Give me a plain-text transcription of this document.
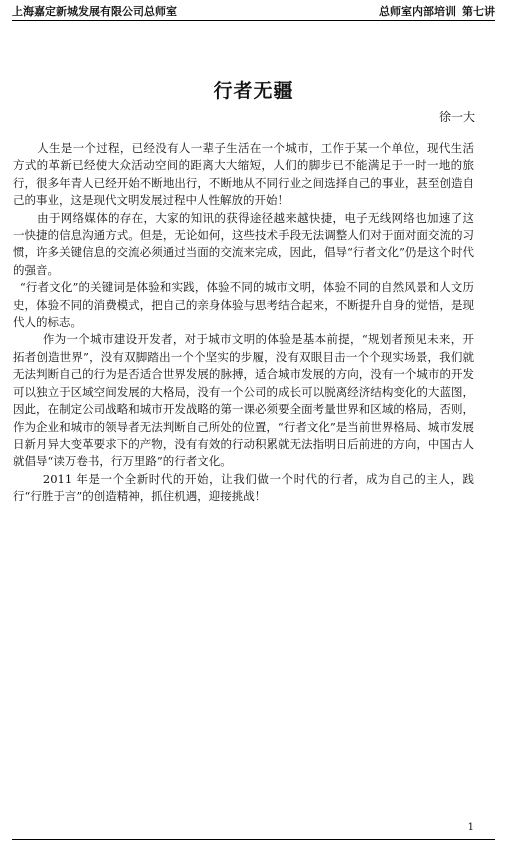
上海嘉定新城发展有限公司总师室	总师室内部培训 第七讲
行者无疆
徐一大

人生是一个过程，已经没有人一辈子生活在一个城市，工作于某一个单位，现代生活方式的革新已经使大众活动空间的距离大大缩短，人们的脚步已不能满足于一时一地的旅行，很多年青人已经开始不断地出行，不断地从不同行业之间选择自己的事业，甚至创造自己的事业，这是现代文明发展过程中人性解放的开始！

由于网络媒体的存在，大家的知讯的获得途径越来越快捷，电子无线网络也加速了这一快捷的信息沟通方式。但是，无论如何，这些技术手段无法调整人们对于面对面交流的习惯，许多关键信息的交流必须通过当面的交流来完成，因此，倡导“行者文化”仍是这个时代的强音。

“行者文化”的关键词是体验和实践，体验不同的城市文明，体验不同的自然风景和人文历史，体验不同的消费模式，把自己的亲身体验与思考结合起来，不断提升自身的觉悟，是现代人的标志。

作为一个城市建设开发者，对于城市文明的体验是基本前提，“规划者预见未来，开拓者创造世界”，没有双脚踏出一个个坚实的步履，没有双眼目击一个个现实场景，我们就无法判断自己的行为是否适合世界发展的脉搏，适合城市发展的方向，没有一个城市的开发可以独立于区域空间发展的大格局，没有一个公司的成长可以脱离经济结构变化的大蓝图，因此，在制定公司战略和城市开发战略的第一课必须要全面考量世界和区域的格局，否则，作为企业和城市的领导者无法判断自己所处的位置，“行者文化”是当前世界格局、城市发展日新月异大变革要求下的产物，没有有效的行动积累就无法指明日后前进的方向，中国古人就倡导“读万卷书，行万里路”的行者文化。

2011 年是一个全新时代的开始，让我们做一个时代的行者，成为自己的主人，践行“行胜于言”的创造精神，抓住机遇，迎接挑战！

1
